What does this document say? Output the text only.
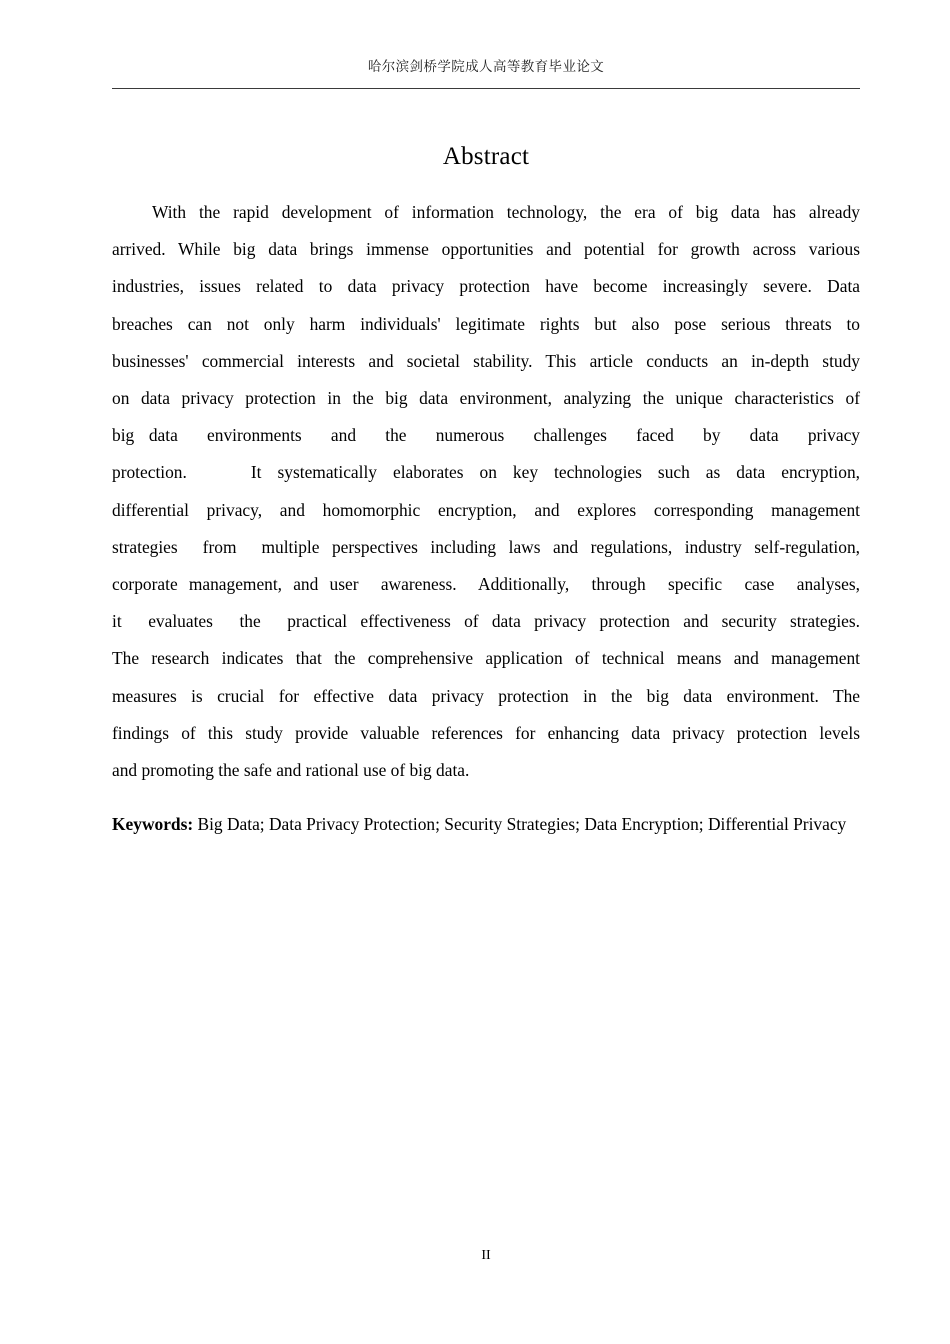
哈尔滨剑桥学院成人高等教育毕业论文
Abstract

With the rapid development of information technology, the era of big data has already
arrived. While big data brings immense opportunities and potential for growth across various
industries, issues related to data privacy protection have become increasingly severe. Data
breaches can not only harm individuals' legitimate rights but also pose serious threats to
businesses' commercial interests and societal stability. This article conducts an in-depth study
on data privacy protection in the big data environment, analyzing the unique characteristics of
big data  environments  and  the  numerous  challenges  faced  by  data  privacy
protection.    It systematically elaborates on key technologies such as data encryption,
differential privacy, and homomorphic encryption, and explores corresponding management
strategies  from  multiple perspectives including laws and regulations, industry self-regulation,
corporate management, and user  awareness.  Additionally,  through  specific  case  analyses,
it  evaluates  the  practical effectiveness of data privacy protection and security strategies.
The research indicates that the comprehensive application of technical means and management
measures is crucial for effective data privacy protection in the big data environment. The
findings of this study provide valuable references for enhancing data privacy protection levels
and promoting the safe and rational use of big data.

Keywords: Big Data; Data Privacy Protection; Security Strategies; Data Encryption; Differential Privacy

II
